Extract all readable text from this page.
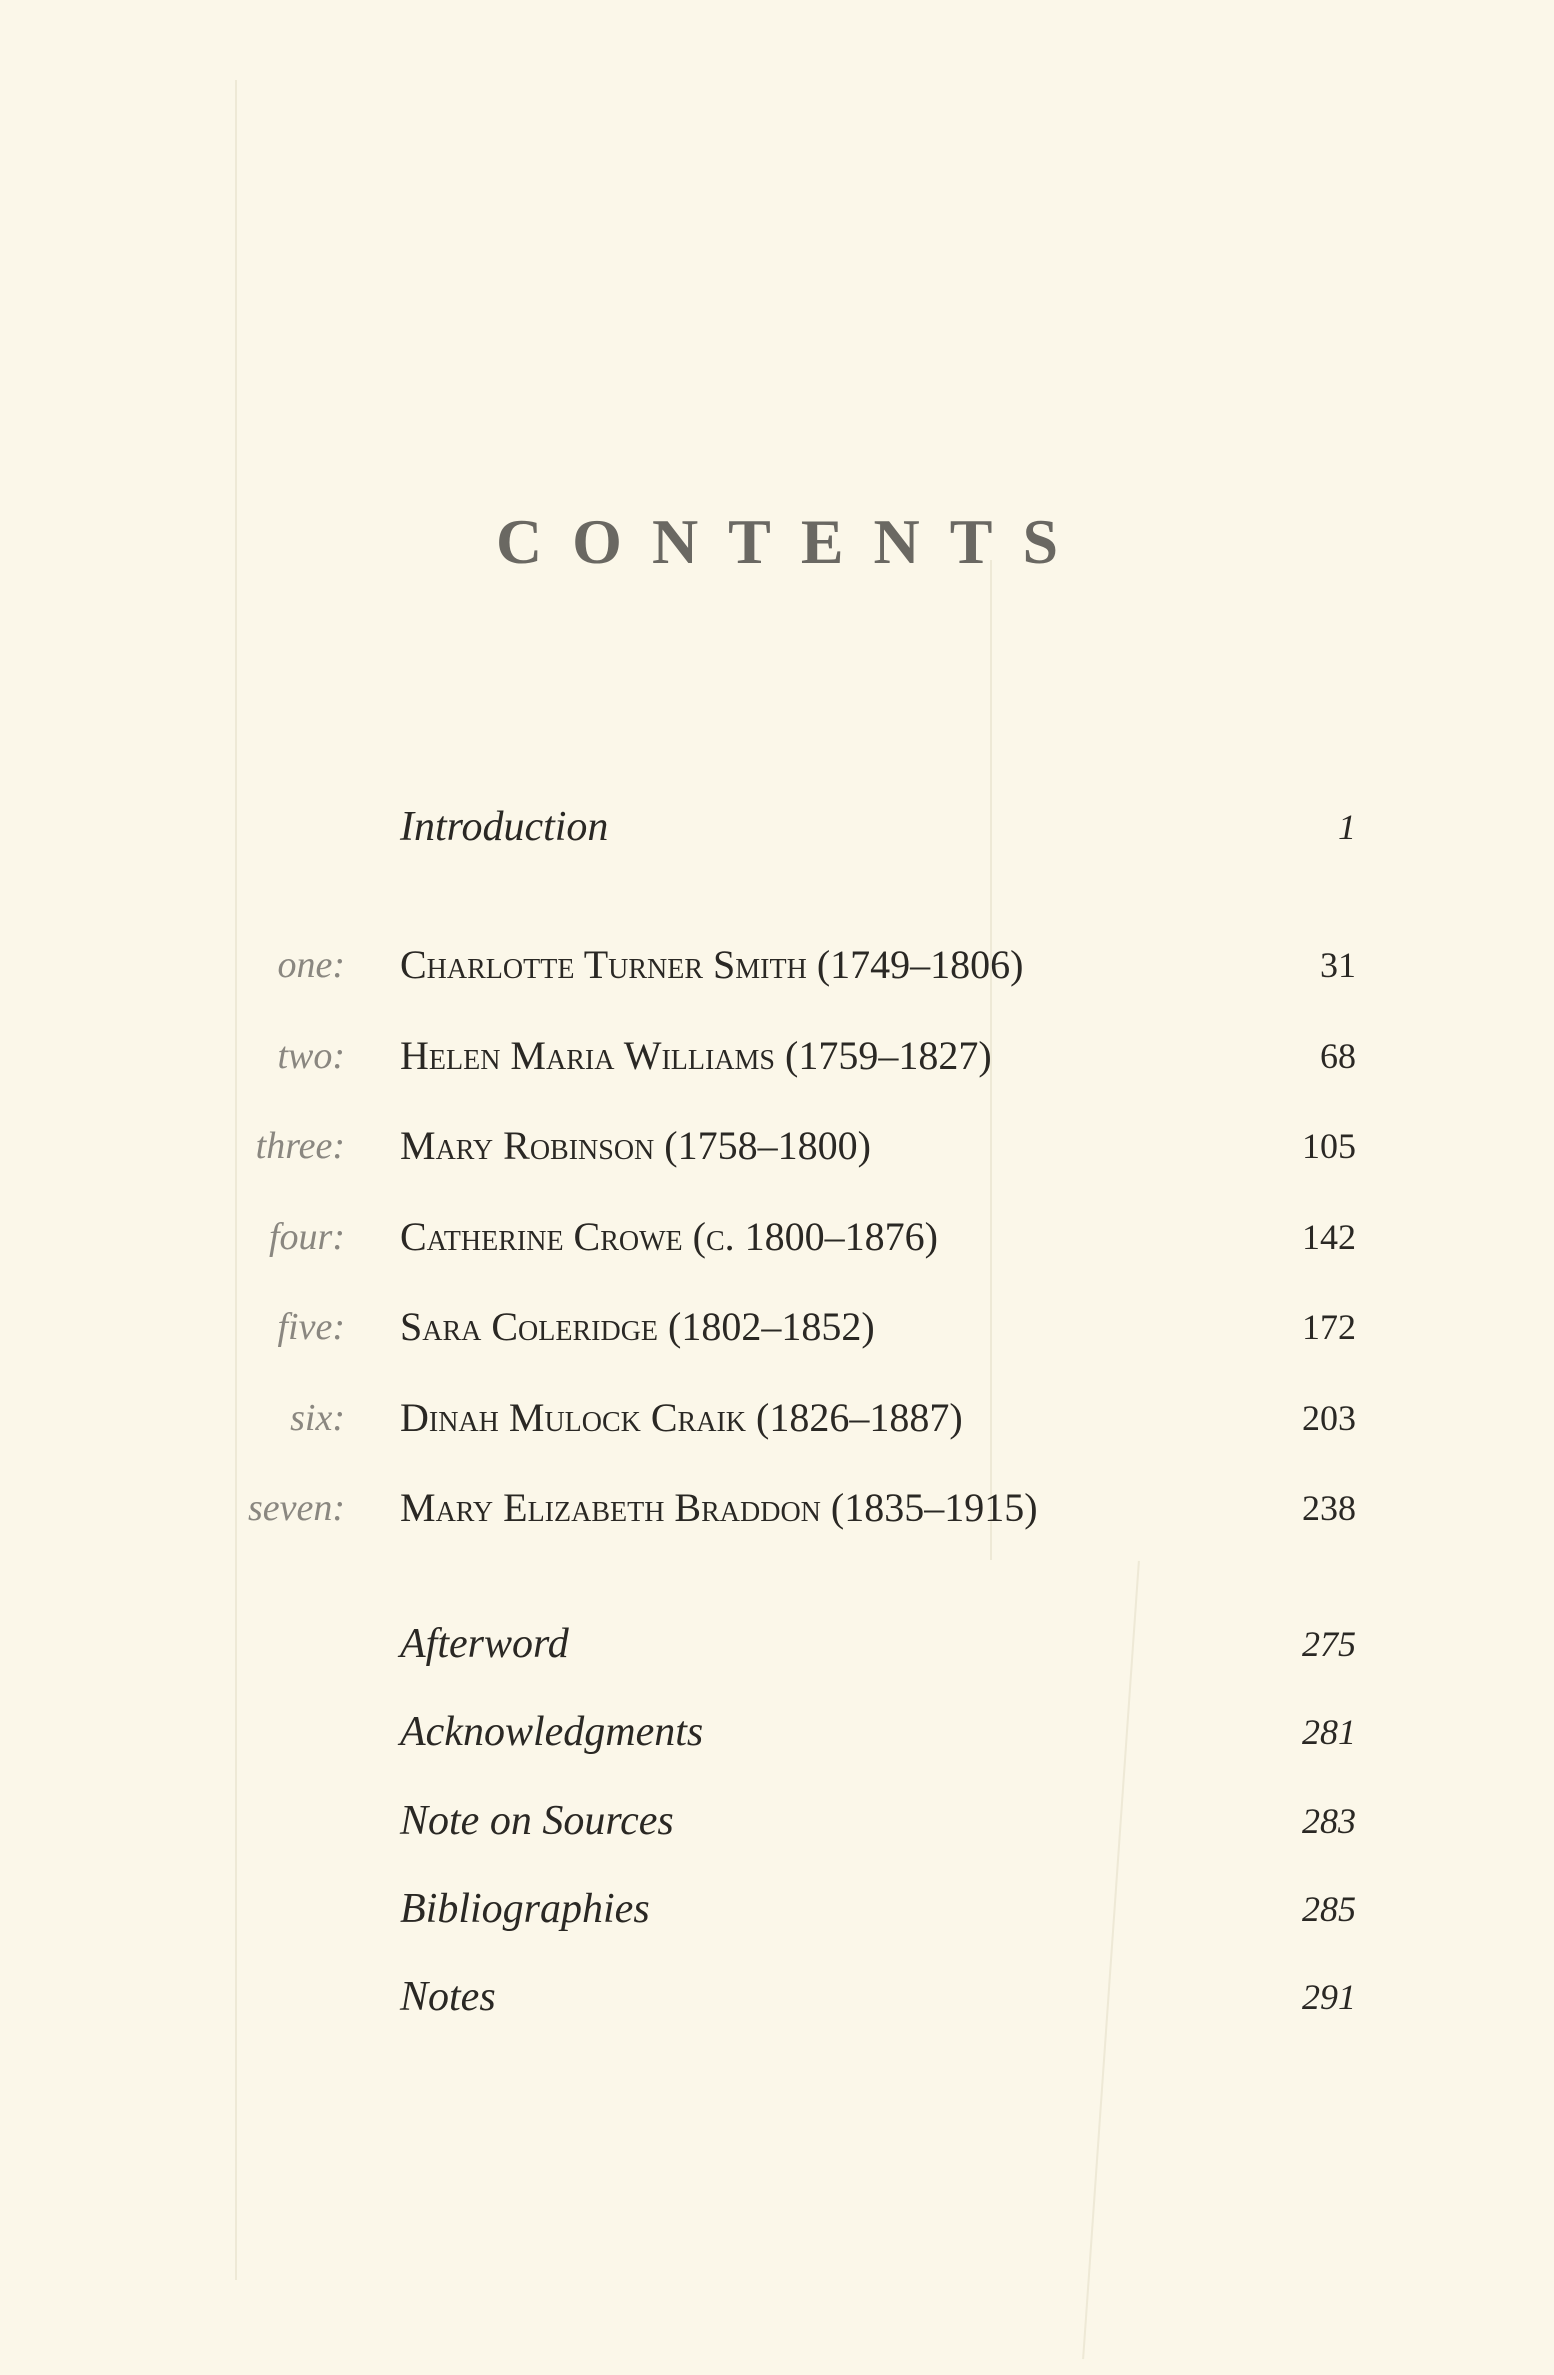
CONTENTS
Introduction	1
one: Charlotte Turner Smith (1749–1806)	31
two: Helen Maria Williams (1759–1827)	68
three: Mary Robinson (1758–1800)	105
four: Catherine Crowe (c. 1800–1876)	142
five: Sara Coleridge (1802–1852)	172
six: Dinah Mulock Craik (1826–1887)	203
seven: Mary Elizabeth Braddon (1835–1915)	238
Afterword	275
Acknowledgments	281
Note on Sources	283
Bibliographies	285
Notes	291
